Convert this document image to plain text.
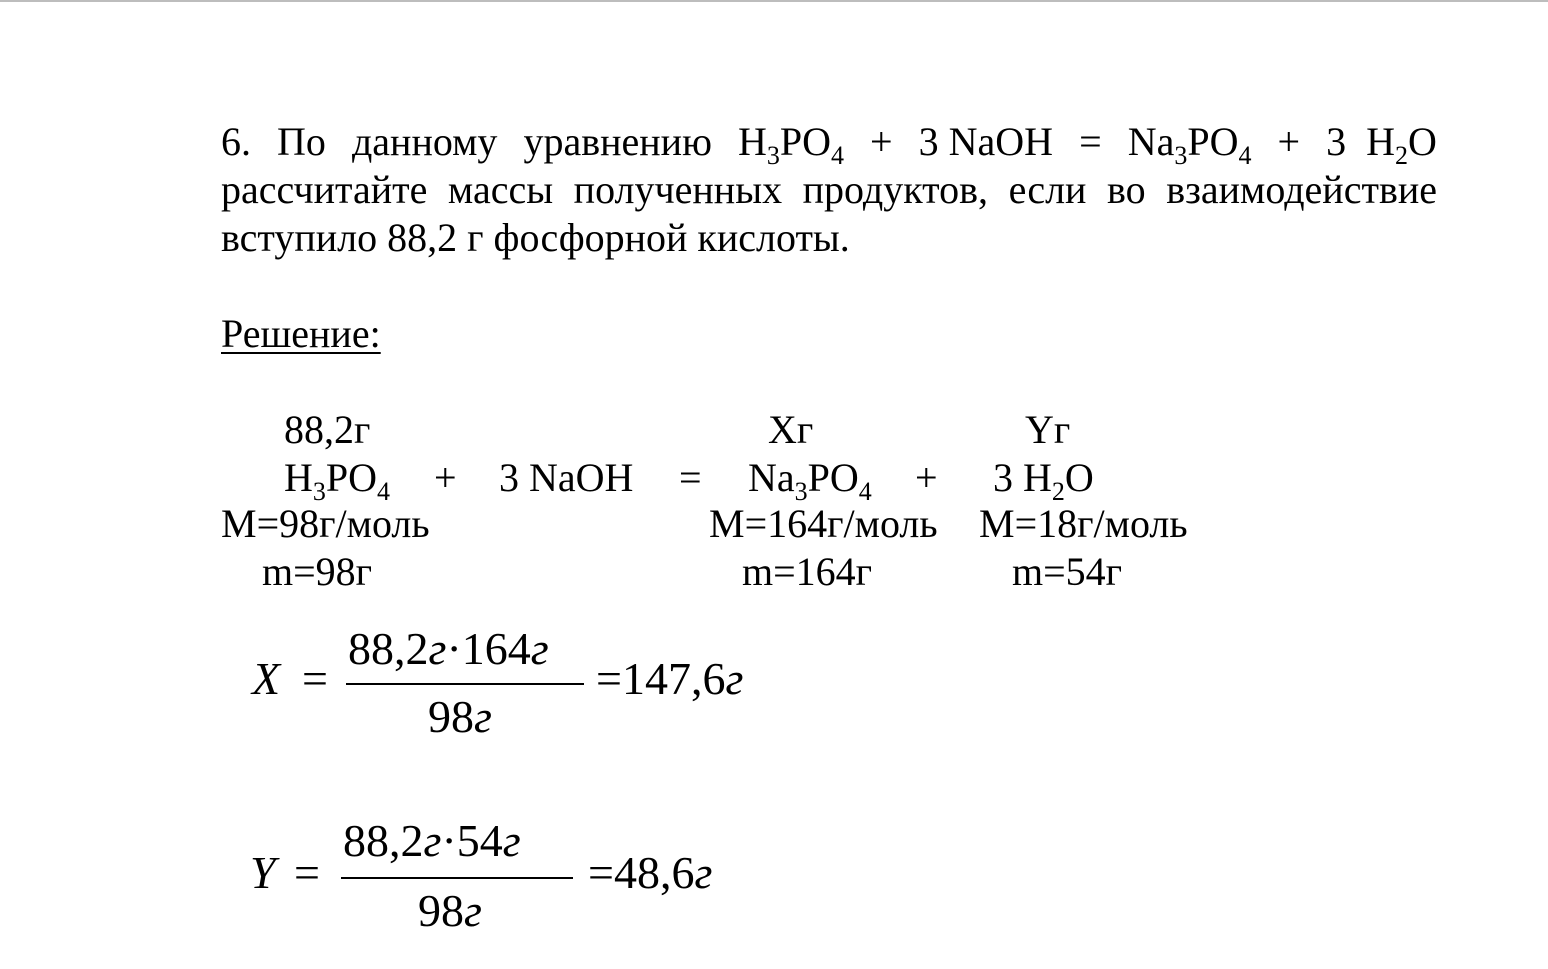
6. По данному уравнению $H_3PO_4 + 3$ NaOH = $Na_3PO_4 + 3$ $H_2O$
рассчитайте массы полученных продуктов, если во взаимодействие
вступило 88,2 г фосфорной кислоты.
Решение:
88,2г	Xг	Yг
$H_3PO_4 + 3$ NaOH = $Na_3PO_4 + 3$ $H_2O$
M=98г/моль	M=164г/моль M=18г/моль
m=98г	m=164г	m=54г
X =
88,2г·164г
98г
=147,6г
Y =
88,2г·54г
98г
=48,6г
